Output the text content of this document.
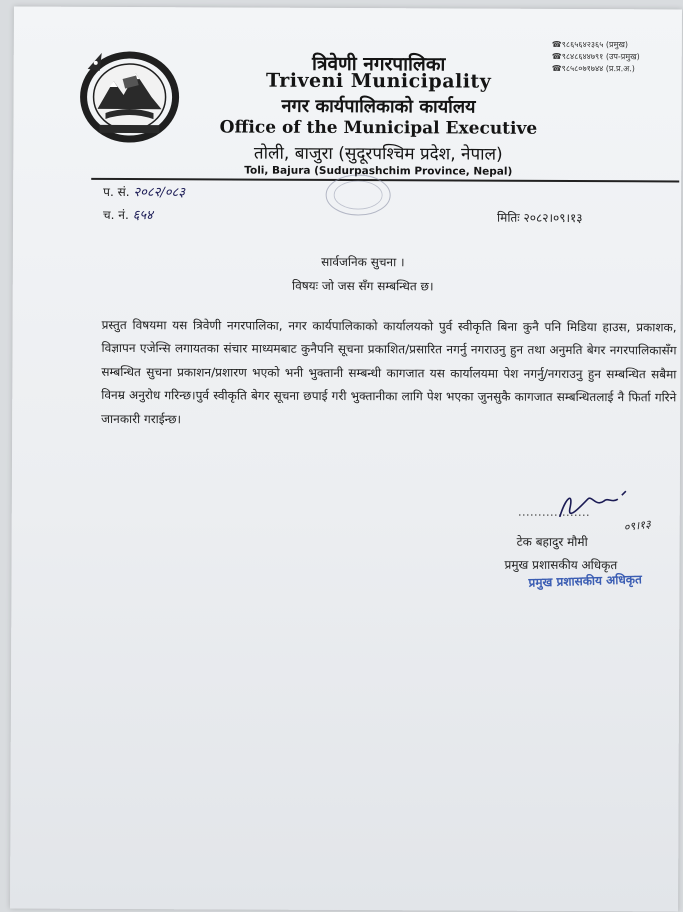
त्रिवेणी नगरपालिका
Triveni Municipality
नगर कार्यपालिकाको कार्यालय
Office of the Municipal Executive
तोली, बाजुरा (सुदूरपश्चिम प्रदेश, नेपाल)
Toli, Bajura (Sudurpashchim Province, Nepal)
☎९८६५६४२३६५ (प्रमुख)
☎९८४८६४४७९१ (उप-प्रमुख)
☎९८५८०७१७४४ (प्र.प्र.अ.)
प. सं. २०८२/०८३
च. नं. ६५४	मितिः २०८२।०९।१३
सार्वजनिक सुचना ।
विषयः जो जस सँग सम्बन्धित छ।

प्रस्तुत विषयमा यस त्रिवेणी नगरपालिका, नगर कार्यपालिकाको कार्यालयको पुर्व स्वीकृति बिना कुनै पनि मिडिया हाउस, प्रकाशक, विज्ञापन एजेन्सि लगायतका संचार माध्यमबाट कुनैपनि सूचना प्रकाशित/प्रसारित नगर्नु नगराउनु हुन तथा अनुमति बेगर नगरपालिकासँग सम्बन्धित सुचना प्रकाशन/प्रशारण भएको भनी भुक्तानी सम्बन्धी कागजात यस कार्यालयमा पेश नगर्नु/नगराउनु हुन सम्बन्धित सबैमा विनम्र अनुरोध गरिन्छ।पुर्व स्वीकृति बेगर सूचना छपाई गरी भुक्तानीका लागि पेश भएका जुनसुकै कागजात सम्बन्धितलाई नै फिर्ता गरिने जानकारी गराईन्छ।

………………
०९।१३
टेक बहादुर मौमी
प्रमुख प्रशासकीय अधिकृत
प्रमुख प्रशासकीय अधिकृत
